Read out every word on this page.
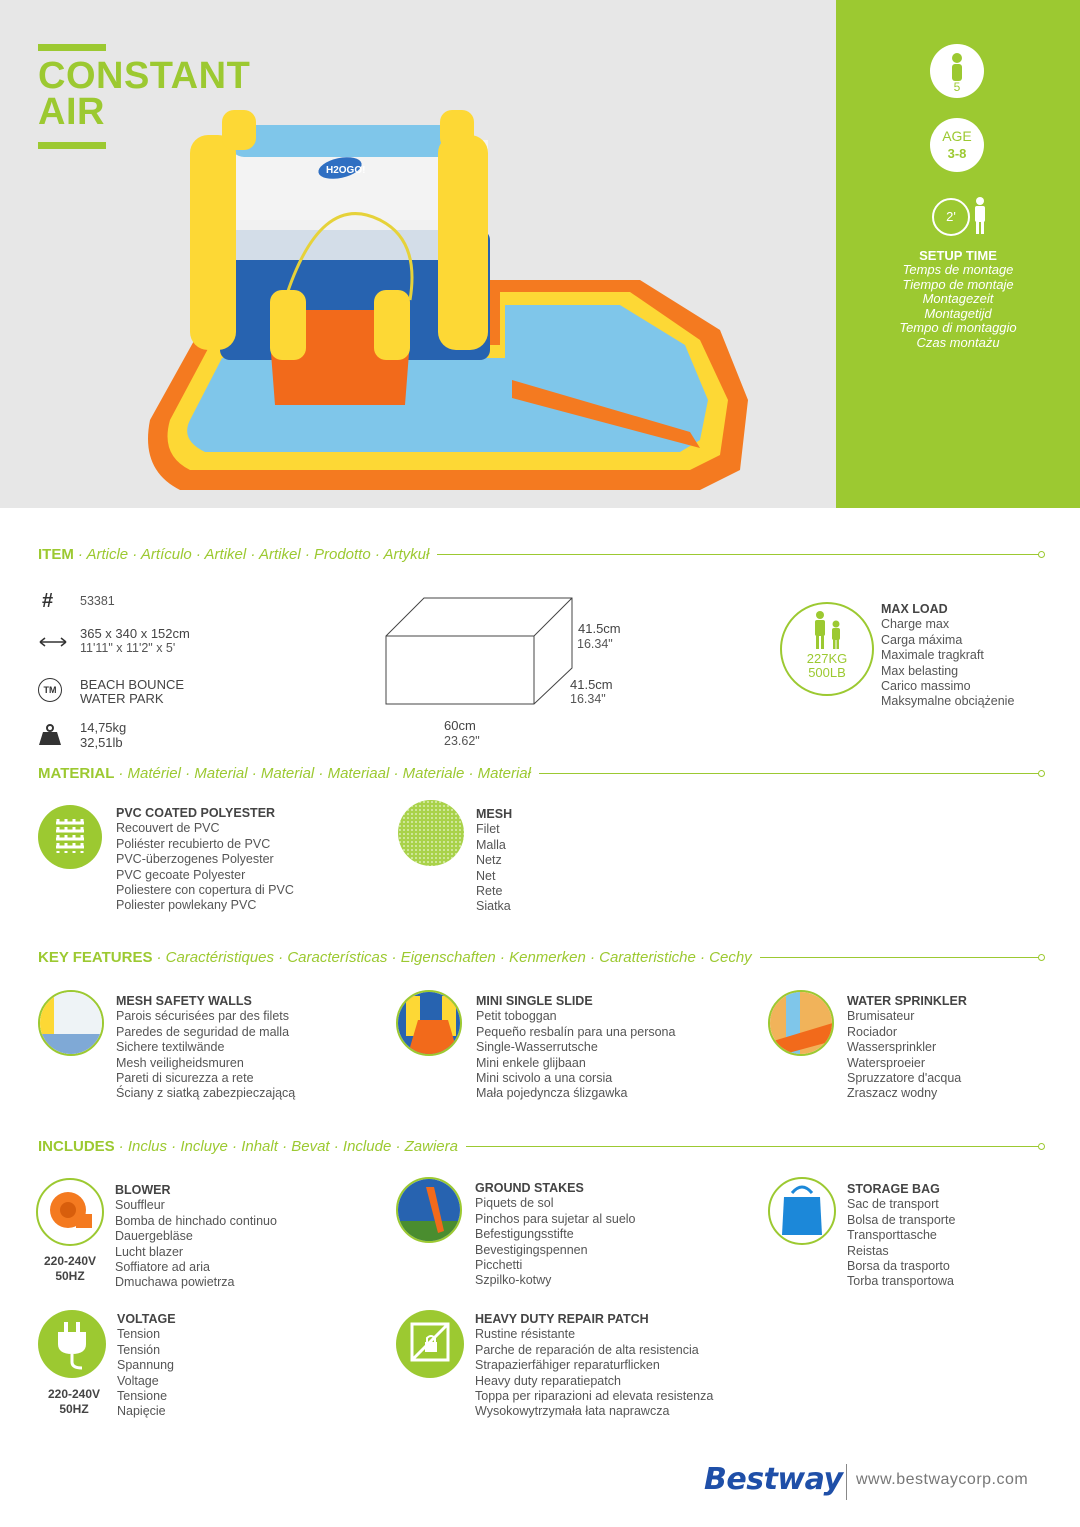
H2OGO!
CONSTANT
AIR
5
AGE
3-8
2'
SETUP TIME
Temps de montage
Tiempo de montaje
Montagezeit
Montagetijd
Tempo di montaggio
Czas montażu
ITEM · Article · Artículo · Artikel · Artikel · Prodotto · Artykuł
# 53381
365 x 340 x 152cm
11'11" x 11'2" x 5'
TM	BEACH BOUNCE
WATER PARK
14,75kg
32,51lb
41.5cm
16.34"
41.5cm
16.34"
60cm
23.62"
227KG
500LB
MAX LOAD
Charge max
Carga máxima
Maximale tragkraft
Max belasting
Carico massimo
Maksymalne obciążenie
MATERIAL · Matériel · Material · Material · Materiaal · Materiale · Materiał
PVC COATED POLYESTER
Recouvert de PVC
Poliéster recubierto de PVC
PVC-überzogenes Polyester
PVC gecoate Polyester
Poliestere con copertura di PVC
Poliester powlekany PVC
MESH
Filet
Malla
Netz
Net
Rete
Siatka
KEY FEATURES · Caractéristiques · Características · Eigenschaften · Kenmerken · Caratteristiche · Cechy
MESH SAFETY WALLS
Parois sécurisées par des filets
Paredes de seguridad de malla
Sichere textilwände
Mesh veiligheidsmuren
Pareti di sicurezza a rete
Ściany z siatką zabezpieczającą
MINI SINGLE SLIDE
Petit toboggan
Pequeño resbalín para una persona
Single-Wasserrutsche
Mini enkele glijbaan
Mini scivolo a una corsia
Mała pojedyncza ślizgawka
WATER SPRINKLER
Brumisateur
Rociador
Wassersprinkler
Watersproeier
Spruzzatore d'acqua
Zraszacz wodny
INCLUDES · Inclus · Incluye · Inhalt · Bevat · Include · Zawiera
220-240V
50HZ
BLOWER
Souffleur
Bomba de hinchado continuo
Dauergebläse
Lucht blazer
Soffiatore ad aria
Dmuchawa powietrza
GROUND STAKES
Piquets de sol
Pinchos para sujetar al suelo
Befestigungsstifte
Bevestigingspennen
Picchetti
Szpilko-kotwy
STORAGE BAG
Sac de transport
Bolsa de transporte
Transporttasche
Reistas
Borsa da trasporto
Torba transportowa
220-240V
50HZ
VOLTAGE
Tension
Tensión
Spannung
Voltage
Tensione
Napięcie
HEAVY DUTY REPAIR PATCH
Rustine résistante
Parche de reparación de alta resistencia
Strapazierfähiger reparaturflicken
Heavy duty reparatiepatch
Toppa per riparazioni ad elevata resistenza
Wysokowytrzymała łata naprawcza
Bestway www.bestwaycorp.com
